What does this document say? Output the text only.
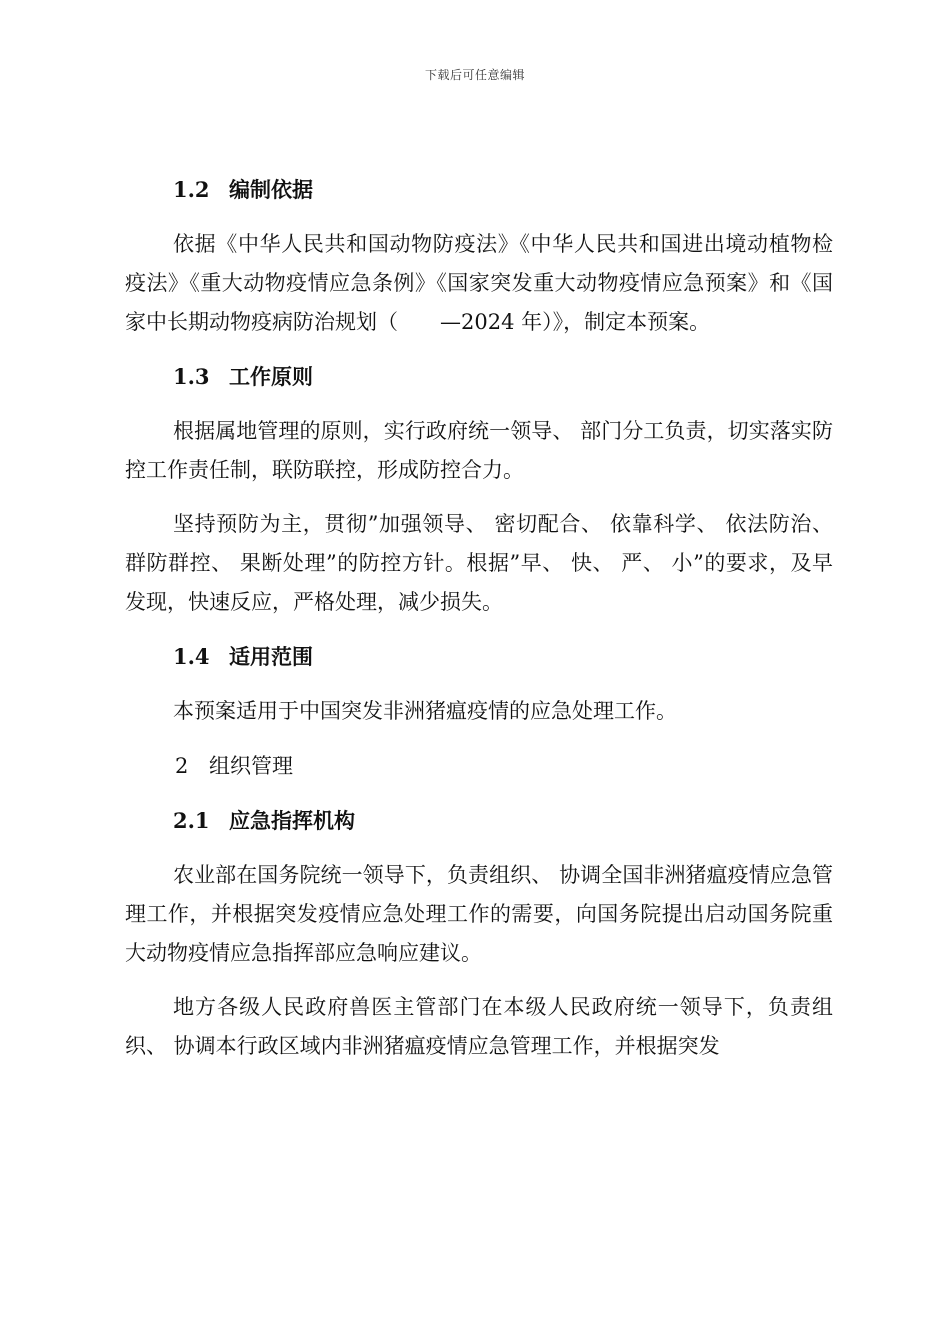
下载后可任意编辑
1.2 编制依据

依据《中华人民共和国动物防疫法》《中华人民共和国进出境动植物检疫法》《重大动物疫情应急条例》《国家突发重大动物疫情应急预案》和《国家中长期动物疫病防治规划（　　—2024 年）》，制定本预案。

1.3 工作原则

根据属地管理的原则，实行政府统一领导、 部门分工负责，切实落实防控工作责任制，联防联控，形成防控合力。

坚持预防为主，贯彻”加强领导、 密切配合、 依靠科学、 依法防治、 群防群控、 果断处理”的防控方针。根据”早、 快、 严、 小”的要求，及早发现，快速反应，严格处理，减少损失。

1.4 适用范围

本预案适用于中国突发非洲猪瘟疫情的应急处理工作。

2 组织管理
2.1 应急指挥机构

农业部在国务院统一领导下，负责组织、 协调全国非洲猪瘟疫情应急管理工作，并根据突发疫情应急处理工作的需要，向国务院提出启动国务院重大动物疫情应急指挥部应急响应建议。

地方各级人民政府兽医主管部门在本级人民政府统一领导下，负责组织、 协调本行政区域内非洲猪瘟疫情应急管理工作，并根据突发
